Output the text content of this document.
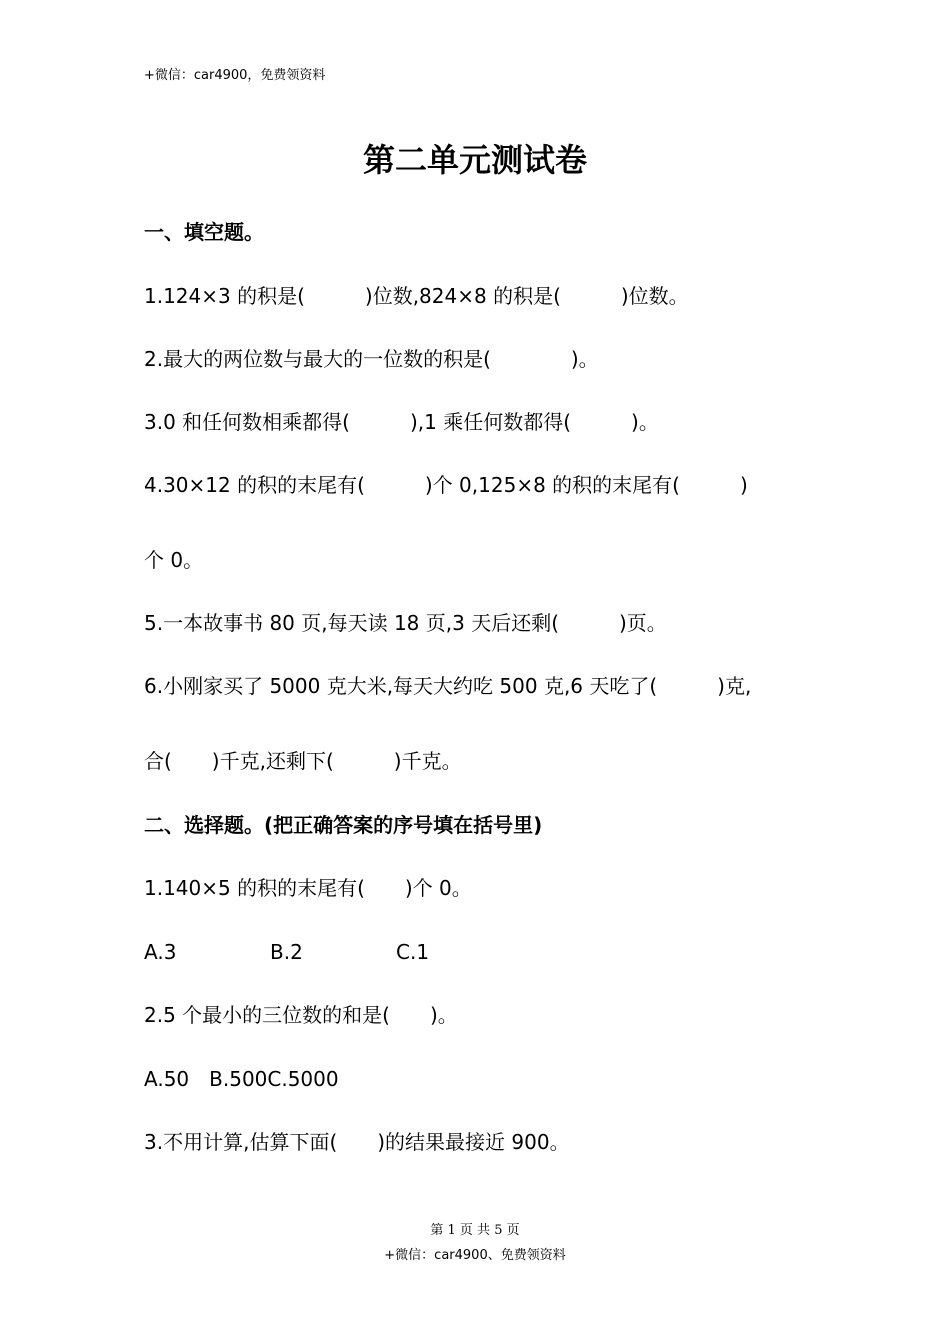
+微信：car4900，免费领资料
第二单元测试卷
一、填空题。
1.124×3 的积是(　　　)位数,824×8 的积是(　　　)位数。
2.最大的两位数与最大的一位数的积是(　　　　)。
3.0 和任何数相乘都得(　　　),1 乘任何数都得(　　　)。
4.30×12 的积的末尾有(　　　)个 0,125×8 的积的末尾有(　　　)
个 0。
5.一本故事书 80 页,每天读 18 页,3 天后还剩(　　　)页。
6.小刚家买了 5000 克大米,每天大约吃 500 克,6 天吃了(　　　)克,
合(　　)千克,还剩下(　　　)千克。
二、选择题。(把正确答案的序号填在括号里)
1.140×5 的积的末尾有(　　)个 0。
A.3	B.2	C.1
2.5 个最小的三位数的和是(　　)。
A.50　B.500C.5000
3.不用计算,估算下面(　　)的结果最接近 900。
第 1 页 共 5 页
+微信：car4900、免费领资料
